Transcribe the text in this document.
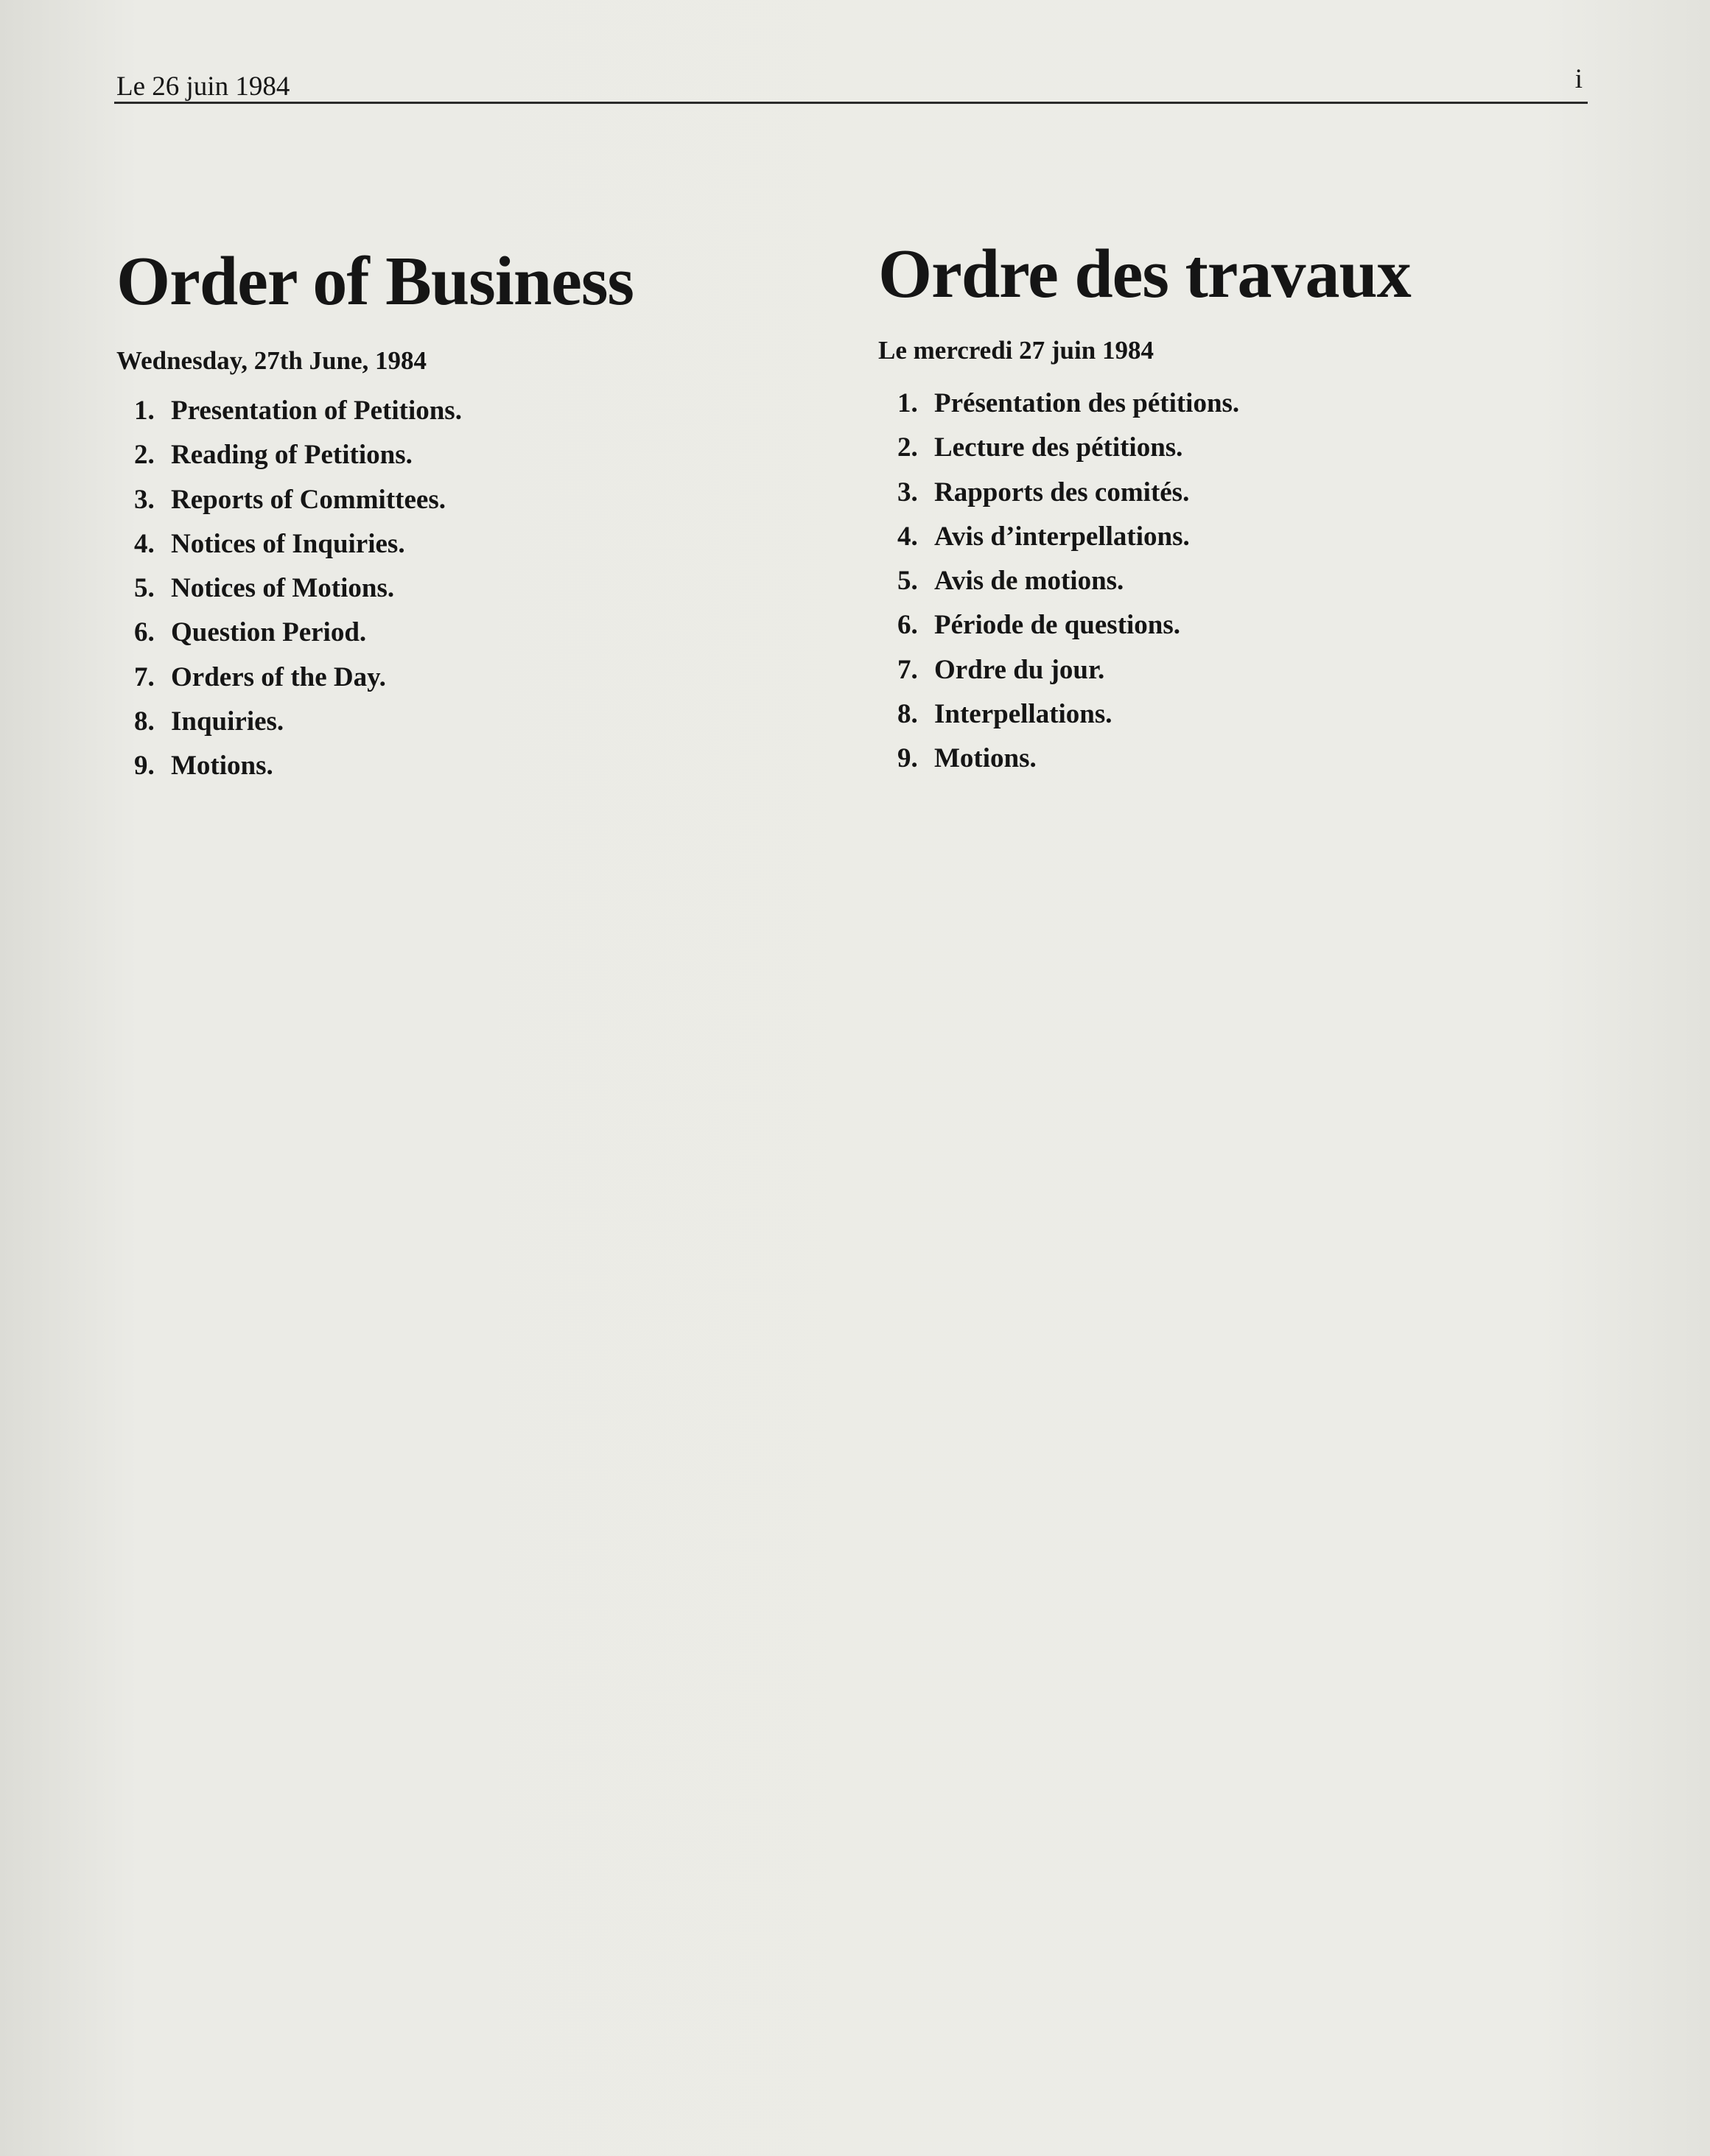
Le 26 juin 1984	i
Order of Business
Wednesday, 27th June, 1984
1. Presentation of Petitions.
2. Reading of Petitions.
3. Reports of Committees.
4. Notices of Inquiries.
5. Notices of Motions.
6. Question Period.
7. Orders of the Day.
8. Inquiries.
9. Motions.
Ordre des travaux
Le mercredi 27 juin 1984
1. Présentation des pétitions.
2. Lecture des pétitions.
3. Rapports des comités.
4. Avis d’interpellations.
5. Avis de motions.
6. Période de questions.
7. Ordre du jour.
8. Interpellations.
9. Motions.
